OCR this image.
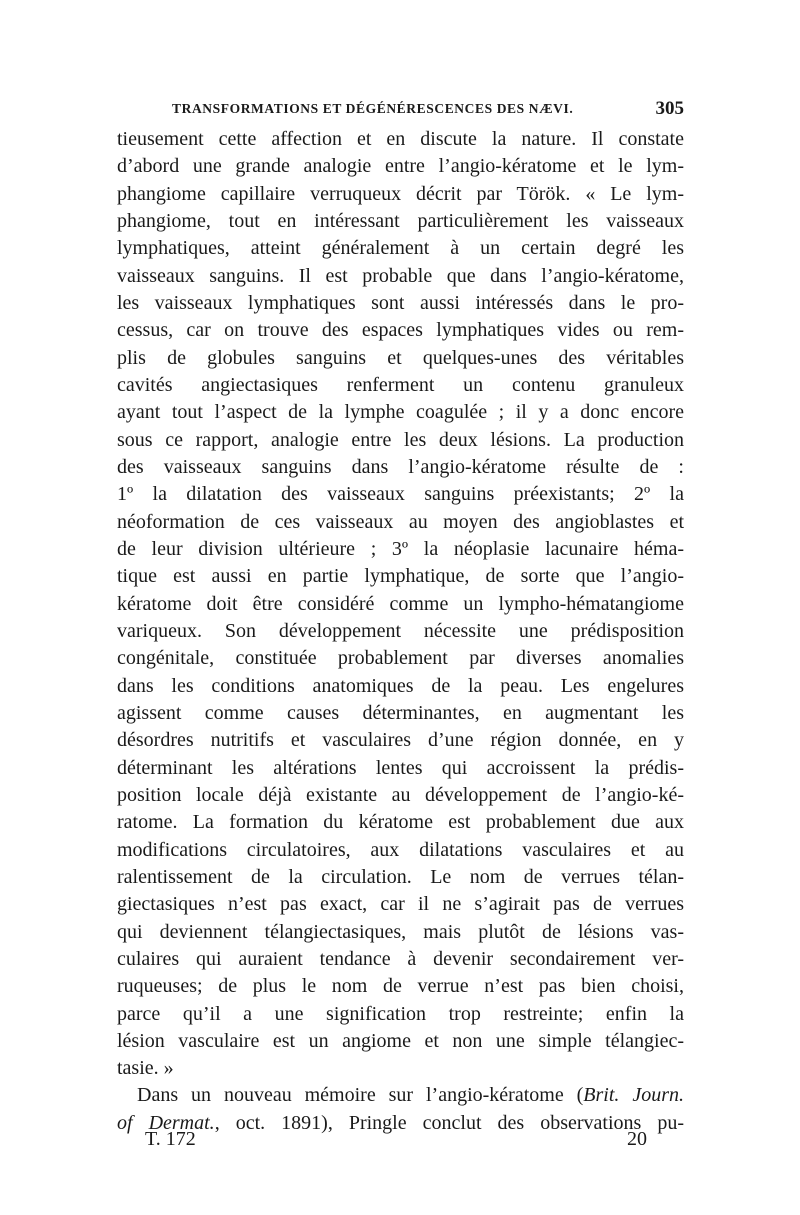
TRANSFORMATIONS ET DÉGÉNÉRESCENCES DES NÆVI.	305
tieusement cette affection et en discute la nature. Il constate
d’abord une grande analogie entre l’angio-kératome et le lym-
phangiome capillaire verruqueux décrit par Török. « Le lym-
phangiome, tout en intéressant particulièrement les vaisseaux
lymphatiques, atteint généralement à un certain degré les
vaisseaux sanguins. Il est probable que dans l’angio-kératome,
les vaisseaux lymphatiques sont aussi intéressés dans le pro-
cessus, car on trouve des espaces lymphatiques vides ou rem-
plis de globules sanguins et quelques-unes des véritables
cavités angiectasiques renferment un contenu granuleux
ayant tout l’aspect de la lymphe coagulée ; il y a donc encore
sous ce rapport, analogie entre les deux lésions. La production
des vaisseaux sanguins dans l’angio-kératome résulte de :
1º la dilatation des vaisseaux sanguins préexistants; 2º la
néoformation de ces vaisseaux au moyen des angioblastes et
de leur division ultérieure ; 3º la néoplasie lacunaire héma-
tique est aussi en partie lymphatique, de sorte que l’angio-
kératome doit être considéré comme un lympho-hématangiome
variqueux. Son développement nécessite une prédisposition
congénitale, constituée probablement par diverses anomalies
dans les conditions anatomiques de la peau. Les engelures
agissent comme causes déterminantes, en augmentant les
désordres nutritifs et vasculaires d’une région donnée, en y
déterminant les altérations lentes qui accroissent la prédis-
position locale déjà existante au développement de l’angio-ké-
ratome. La formation du kératome est probablement due aux
modifications circulatoires, aux dilatations vasculaires et au
ralentissement de la circulation. Le nom de verrues télan-
giectasiques n’est pas exact, car il ne s’agirait pas de verrues
qui deviennent télangiectasiques, mais plutôt de lésions vas-
culaires qui auraient tendance à devenir secondairement ver-
ruqueuses; de plus le nom de verrue n’est pas bien choisi,
parce qu’il a une signification trop restreinte; enfin la
lésion vasculaire est un angiome et non une simple télangiec-
tasie. »
Dans un nouveau mémoire sur l’angio-kératome (Brit. Journ.
of Dermat., oct. 1891), Pringle conclut des observations pu-
T. 172	20
